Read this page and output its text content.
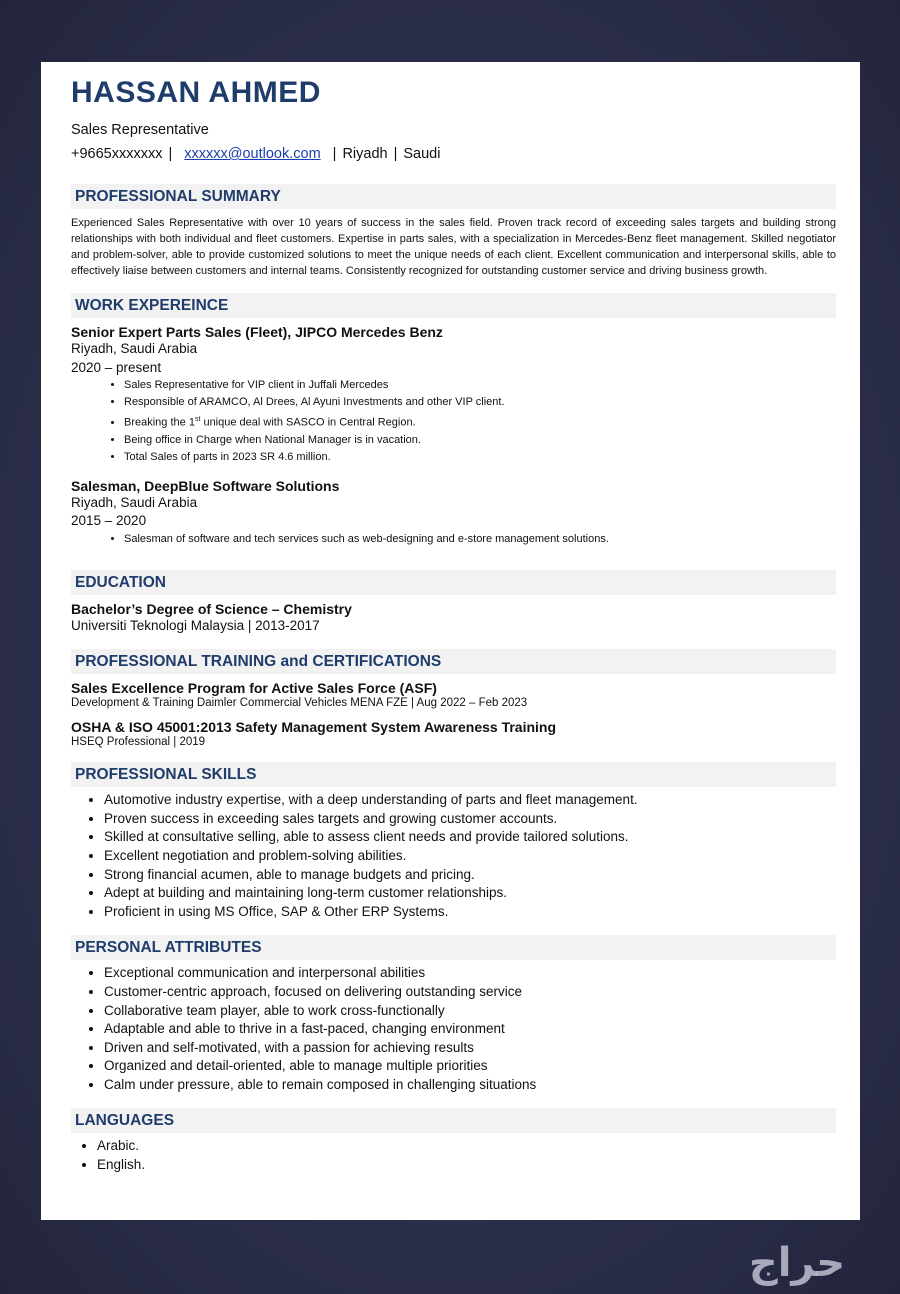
HASSAN AHMED
Sales Representative
+9665xxxxxxx | xxxxxx@outlook.com | Riyadh | Saudi
PROFESSIONAL SUMMARY
Experienced Sales Representative with over 10 years of success in the sales field. Proven track record of exceeding sales targets and building strong relationships with both individual and fleet customers. Expertise in parts sales, with a specialization in Mercedes-Benz fleet management. Skilled negotiator and problem-solver, able to provide customized solutions to meet the unique needs of each client. Excellent communication and interpersonal skills, able to effectively liaise between customers and internal teams. Consistently recognized for outstanding customer service and driving business growth.
WORK EXPEREINCE
Senior Expert Parts Sales (Fleet), JIPCO Mercedes Benz
Riyadh, Saudi Arabia
2020 – present
• Sales Representative for VIP client in Juffali Mercedes
• Responsible of ARAMCO, Al Drees, Al Ayuni Investments and other VIP client.
• Breaking the 1st unique deal with SASCO in Central Region.
• Being office in Charge when National Manager is in vacation.
• Total Sales of parts in 2023 SR 4.6 million.
Salesman, DeepBlue Software Solutions
Riyadh, Saudi Arabia
2015 – 2020
• Salesman of software and tech services such as web-designing and e-store management solutions.
EDUCATION
Bachelor’s Degree of Science – Chemistry
Universiti Teknologi Malaysia | 2013-2017
PROFESSIONAL TRAINING and CERTIFICATIONS
Sales Excellence Program for Active Sales Force (ASF)
Development & Training Daimler Commercial Vehicles MENA FZE | Aug 2022 – Feb 2023
OSHA & ISO 45001:2013 Safety Management System Awareness Training
HSEQ Professional | 2019
PROFESSIONAL SKILLS
• Automotive industry expertise, with a deep understanding of parts and fleet management.
• Proven success in exceeding sales targets and growing customer accounts.
• Skilled at consultative selling, able to assess client needs and provide tailored solutions.
• Excellent negotiation and problem-solving abilities.
• Strong financial acumen, able to manage budgets and pricing.
• Adept at building and maintaining long-term customer relationships.
• Proficient in using MS Office, SAP & Other ERP Systems.
PERSONAL ATTRIBUTES
• Exceptional communication and interpersonal abilities
• Customer-centric approach, focused on delivering outstanding service
• Collaborative team player, able to work cross-functionally
• Adaptable and able to thrive in a fast-paced, changing environment
• Driven and self-motivated, with a passion for achieving results
• Organized and detail-oriented, able to manage multiple priorities
• Calm under pressure, able to remain composed in challenging situations
LANGUAGES
• Arabic.
• English.
حراج
